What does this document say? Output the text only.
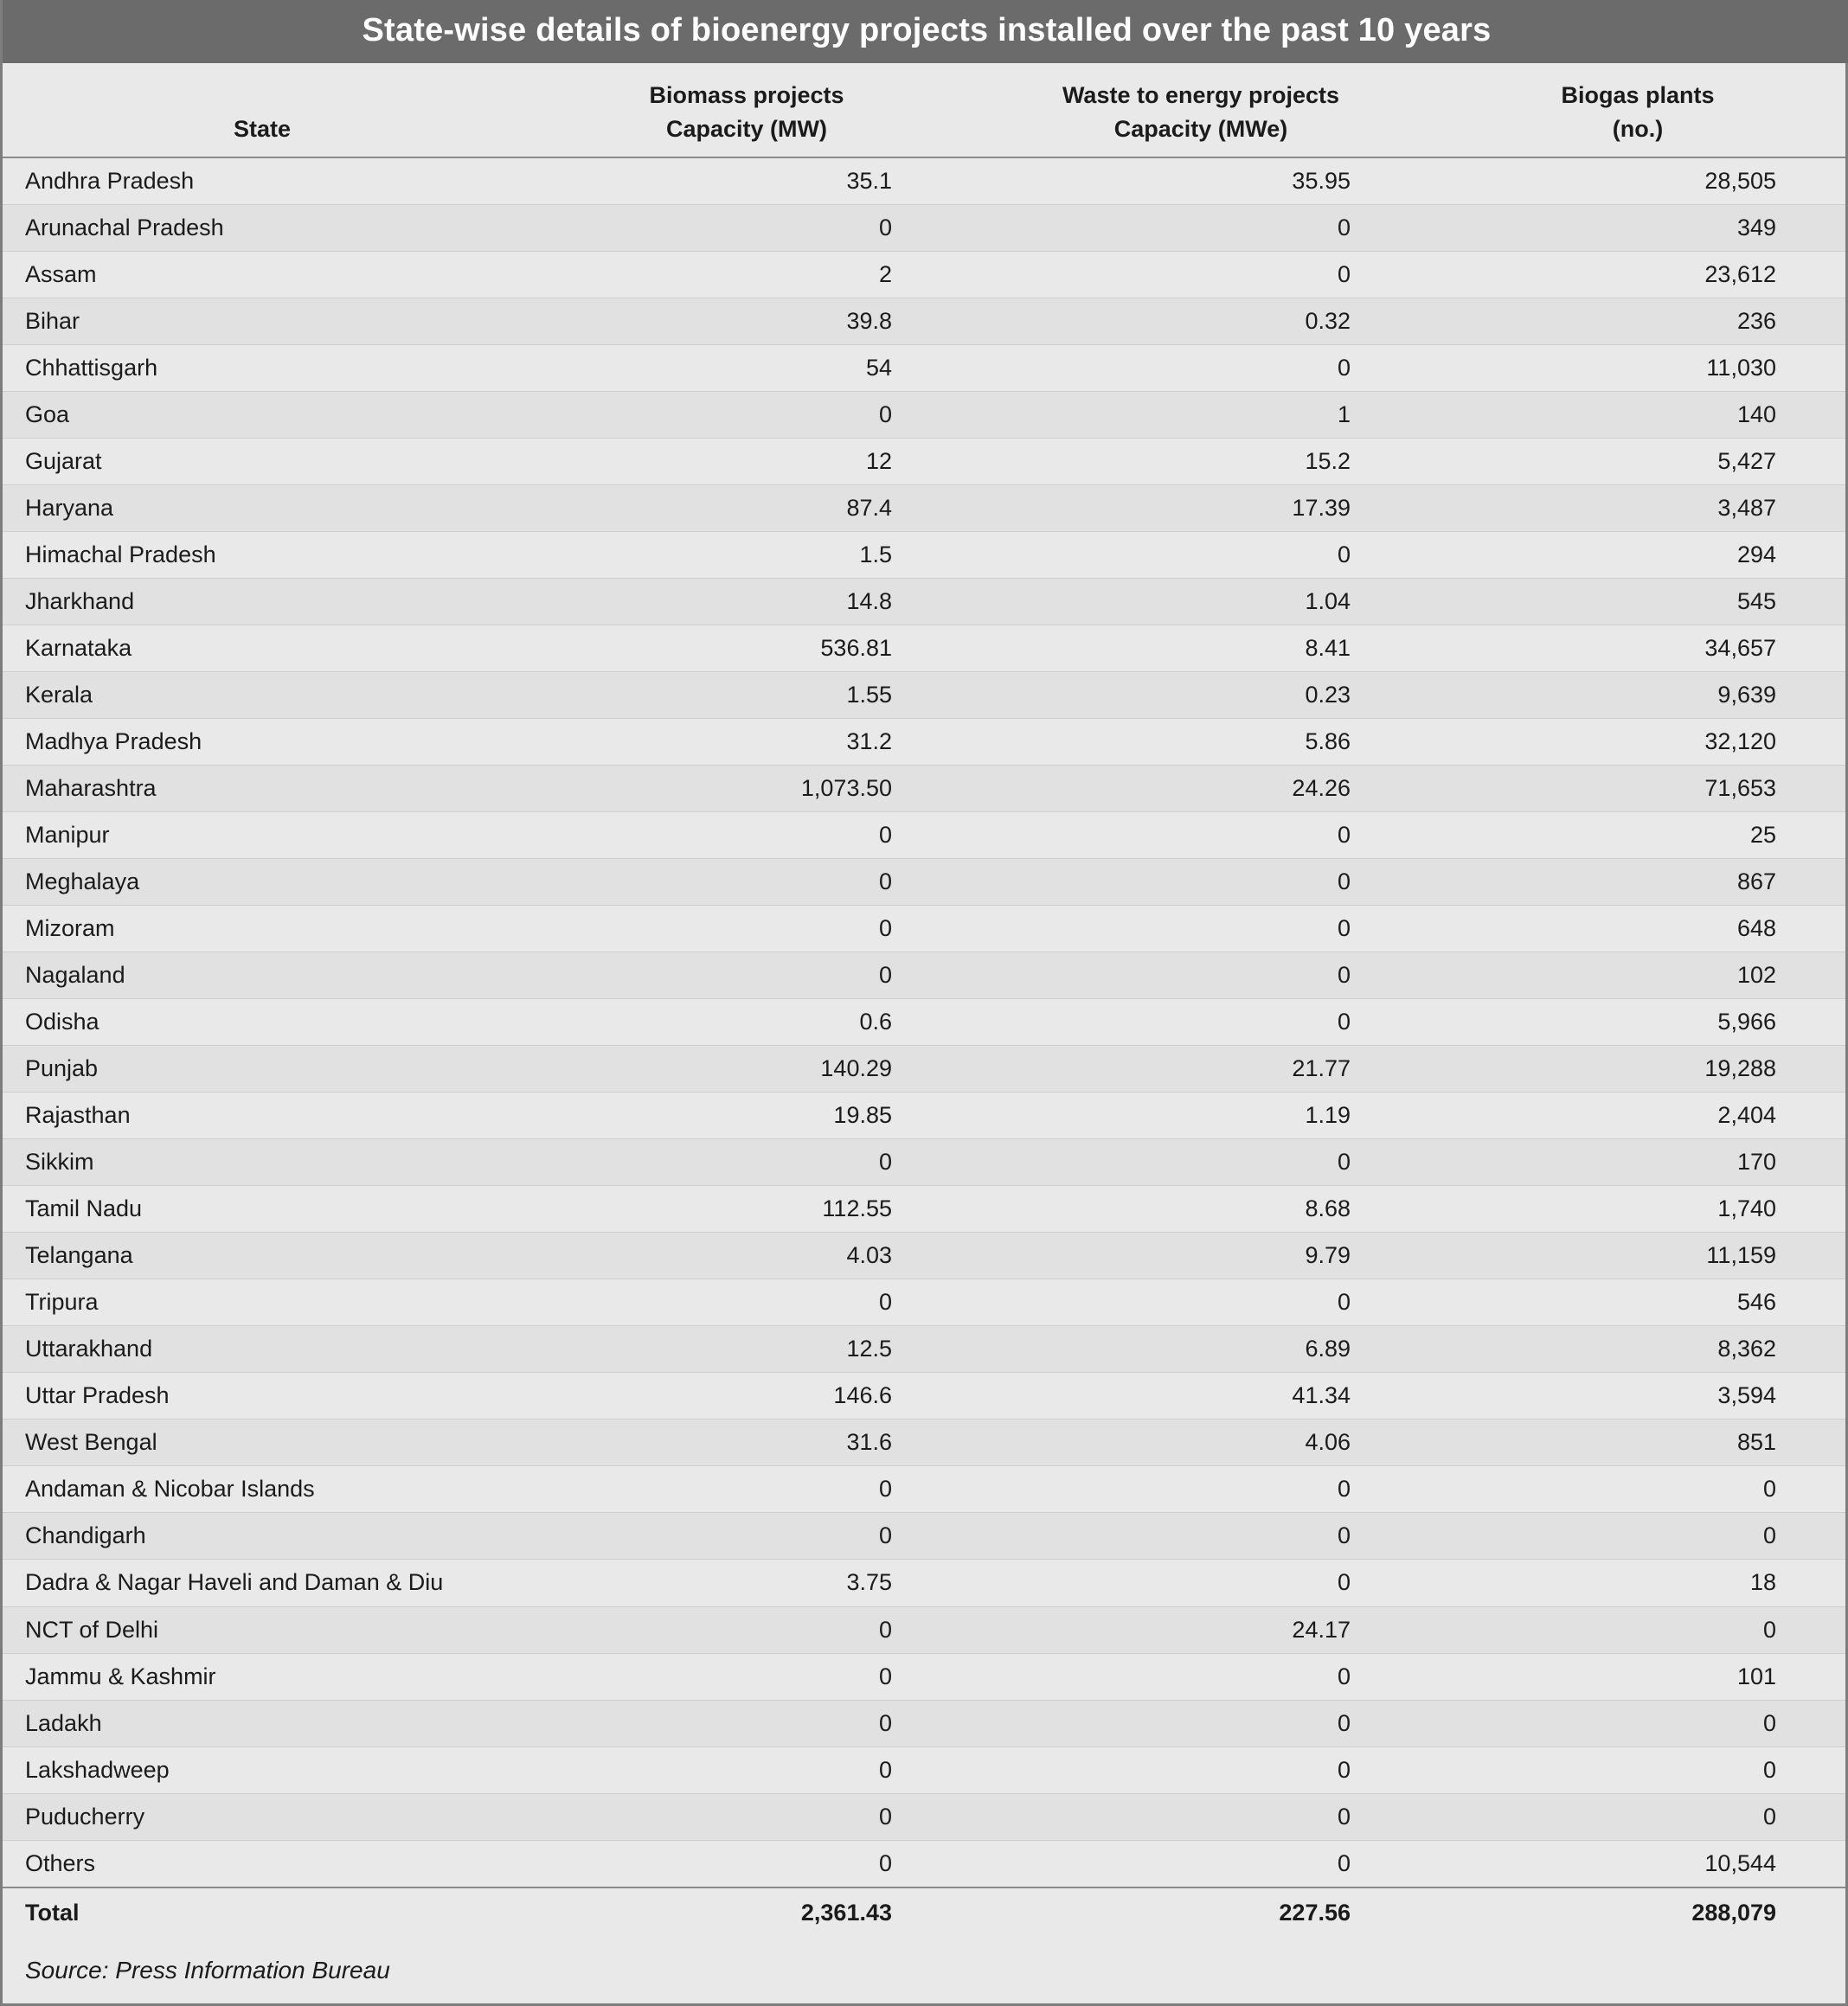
State-wise details of bioenergy projects installed over the past 10 years
	Biomass projects	Waste to energy projects	Biogas plants
State	Capacity (MW)	Capacity (MWe)	(no.)
Andhra Pradesh	35.1	35.95	28,505
Arunachal Pradesh	0	0	349
Assam	2	0	23,612
Bihar	39.8	0.32	236
Chhattisgarh	54	0	11,030
Goa	0	1	140
Gujarat	12	15.2	5,427
Haryana	87.4	17.39	3,487
Himachal Pradesh	1.5	0	294
Jharkhand	14.8	1.04	545
Karnataka	536.81	8.41	34,657
Kerala	1.55	0.23	9,639
Madhya Pradesh	31.2	5.86	32,120
Maharashtra	1,073.50	24.26	71,653
Manipur	0	0	25
Meghalaya	0	0	867
Mizoram	0	0	648
Nagaland	0	0	102
Odisha	0.6	0	5,966
Punjab	140.29	21.77	19,288
Rajasthan	19.85	1.19	2,404
Sikkim	0	0	170
Tamil Nadu	112.55	8.68	1,740
Telangana	4.03	9.79	11,159
Tripura	0	0	546
Uttarakhand	12.5	6.89	8,362
Uttar Pradesh	146.6	41.34	3,594
West Bengal	31.6	4.06	851
Andaman & Nicobar Islands	0	0	0
Chandigarh	0	0	0
Dadra & Nagar Haveli and Daman & Diu	3.75	0	18
NCT of Delhi	0	24.17	0
Jammu & Kashmir	0	0	101
Ladakh	0	0	0
Lakshadweep	0	0	0
Puducherry	0	0	0
Others	0	0	10,544
Total	2,361.43	227.56	288,079
Source: Press Information Bureau
